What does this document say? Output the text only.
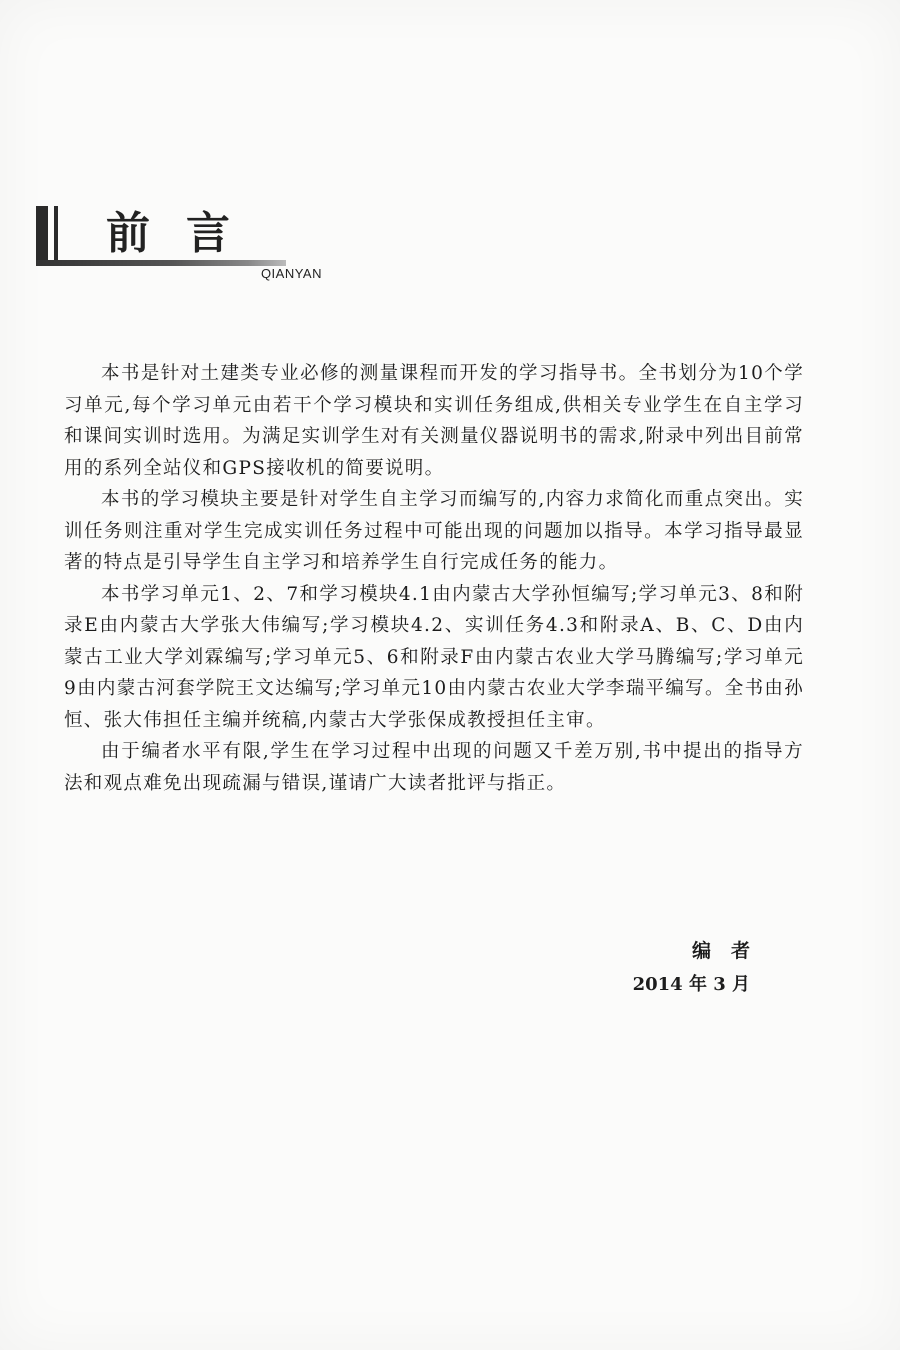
前言
QIANYAN

本书是针对土建类专业必修的测量课程而开发的学习指导书。全书划分为10个学习单元,每个学习单元由若干个学习模块和实训任务组成,供相关专业学生在自主学习和课间实训时选用。为满足实训学生对有关测量仪器说明书的需求,附录中列出目前常用的系列全站仪和GPS接收机的简要说明。

本书的学习模块主要是针对学生自主学习而编写的,内容力求简化而重点突出。实训任务则注重对学生完成实训任务过程中可能出现的问题加以指导。本学习指导最显著的特点是引导学生自主学习和培养学生自行完成任务的能力。

本书学习单元1、2、7和学习模块4.1由内蒙古大学孙恒编写;学习单元3、8和附录E由内蒙古大学张大伟编写;学习模块4.2、实训任务4.3和附录A、B、C、D由内蒙古工业大学刘霖编写;学习单元5、6和附录F由内蒙古农业大学马腾编写;学习单元9由内蒙古河套学院王文达编写;学习单元10由内蒙古农业大学李瑞平编写。全书由孙恒、张大伟担任主编并统稿,内蒙古大学张保成教授担任主审。

由于编者水平有限,学生在学习过程中出现的问题又千差万别,书中提出的指导方法和观点难免出现疏漏与错误,谨请广大读者批评与指正。

编者
2014 年 3 月
